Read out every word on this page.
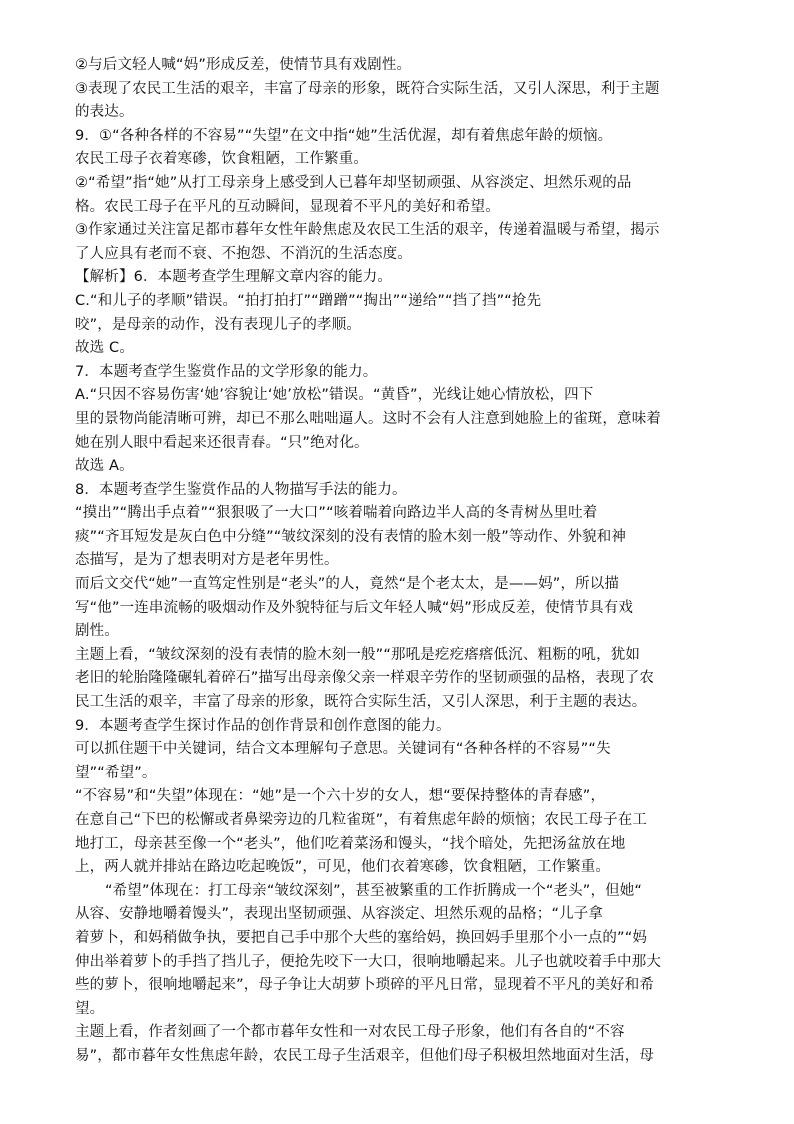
②与后文轻人喊“妈”形成反差，使情节具有戏剧性。
③表现了农民工生活的艰辛，丰富了母亲的形象，既符合实际生活，又引人深思，利于主题
的表达。
9．①“各种各样的不容易”“失望”在文中指“她”生活优渥，却有着焦虑年龄的烦恼。
农民工母子衣着寒碜，饮食粗陋，工作繁重。
②“希望”指“她”从打工母亲身上感受到人已暮年却坚韧顽强、从容淡定、坦然乐观的品
格。农民工母子在平凡的互动瞬间，显现着不平凡的美好和希望。
③作家通过关注富足都市暮年女性年龄焦虑及农民工生活的艰辛，传递着温暖与希望，揭示
了人应具有老而不衰、不抱怨、不消沉的生活态度。
【解析】6．本题考查学生理解文章内容的能力。
C.“和儿子的孝顺”错误。“拍打拍打”“蹭蹭”“掏出”“递给”“挡了挡”“抢先
咬”，是母亲的动作，没有表现儿子的孝顺。
故选 C。
7．本题考查学生鉴赏作品的文学形象的能力。
A.“只因不容易伤害‘她’容貌让‘她’放松”错误。“黄昏”，光线让她心情放松，四下
里的景物尚能清晰可辨，却已不那么咄咄逼人。这时不会有人注意到她脸上的雀斑，意味着
她在别人眼中看起来还很青春。“只”绝对化。
故选 A。
8．本题考查学生鉴赏作品的人物描写手法的能力。
“摸出”“腾出手点着”“狠狠吸了一大口”“咳着喘着向路边半人高的冬青树丛里吐着
痰”“齐耳短发是灰白色中分缝”“皱纹深刻的没有表情的脸木刻一般”等动作、外貌和神
态描写，是为了想表明对方是老年男性。
而后文交代“她”一直笃定性别是“老头”的人，竟然“是个老太太，是——妈”，所以描
写“他”一连串流畅的吸烟动作及外貌特征与后文年轻人喊“妈”形成反差，使情节具有戏
剧性。
主题上看，“皱纹深刻的没有表情的脸木刻一般”“那吼是疙疙瘩瘩低沉、粗粝的吼，犹如
老旧的轮胎隆隆碾轧着碎石”描写出母亲像父亲一样艰辛劳作的坚韧顽强的品格，表现了农
民工生活的艰辛，丰富了母亲的形象，既符合实际生活，又引人深思，利于主题的表达。
9．本题考查学生探讨作品的创作背景和创作意图的能力。
可以抓住题干中关键词，结合文本理解句子意思。关键词有“各种各样的不容易”“失
望”“希望”。
“不容易”和“失望”体现在：“她”是一个六十岁的女人，想“要保持整体的青春感”，
在意自己“下巴的松懈或者鼻梁旁边的几粒雀斑”，有着焦虑年龄的烦恼；农民工母子在工
地打工，母亲甚至像一个“老头”，他们吃着菜汤和馒头，“找个暗处，先把汤盆放在地
上，两人就并排站在路边吃起晚饭”，可见，他们衣着寒碜，饮食粗陋，工作繁重。
“希望”体现在：打工母亲“皱纹深刻”，甚至被繁重的工作折腾成一个“老头”，但她“
从容、安静地嚼着馒头”，表现出坚韧顽强、从容淡定、坦然乐观的品格；“儿子拿
着萝卜，和妈稍做争执，要把自己手中那个大些的塞给妈，换回妈手里那个小一点的”“妈
伸出举着萝卜的手挡了挡儿子，便抢先咬下一大口，很响地嚼起来。儿子也就咬着手中那大
些的萝卜，很响地嚼起来”，母子争让大胡萝卜琐碎的平凡日常，显现着不平凡的美好和希
望。
主题上看，作者刻画了一个都市暮年女性和一对农民工母子形象，他们有各自的“不容
易”，都市暮年女性焦虑年龄，农民工母子生活艰辛，但他们母子积极坦然地面对生活，母
